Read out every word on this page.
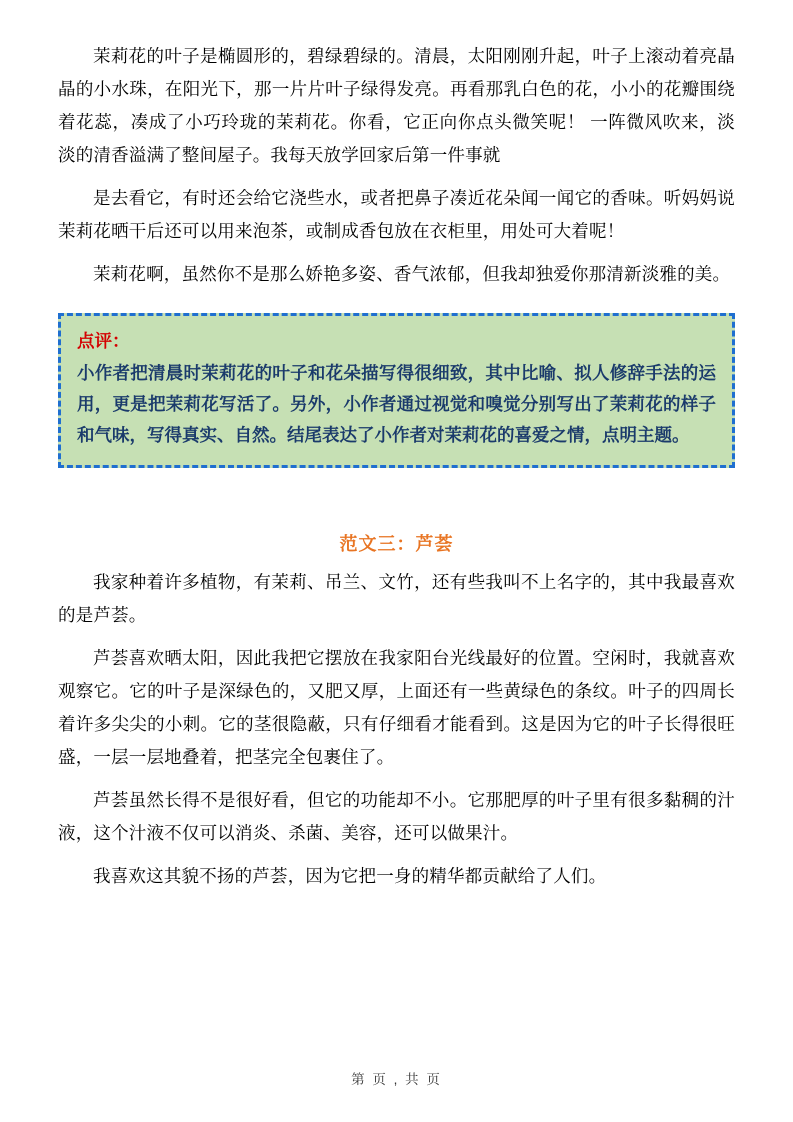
茉莉花的叶子是椭圆形的，碧绿碧绿的。清晨，太阳刚刚升起，叶子上滚动着亮晶晶的小水珠，在阳光下，那一片片叶子绿得发亮。再看那乳白色的花，小小的花瓣围绕着花蕊，凑成了小巧玲珑的茉莉花。你看，它正向你点头微笑呢！ 一阵微风吹来，淡淡的清香溢满了整间屋子。我每天放学回家后第一件事就

是去看它，有时还会给它浇些水，或者把鼻子凑近花朵闻一闻它的香味。听妈妈说茉莉花晒干后还可以用来泡茶，或制成香包放在衣柜里，用处可大着呢！

茉莉花啊，虽然你不是那么娇艳多姿、香气浓郁，但我却独爱你那清新淡雅的美。

点评：
小作者把清晨时茉莉花的叶子和花朵描写得很细致，其中比喻、拟人修辞手法的运用，更是把茉莉花写活了。另外，小作者通过视觉和嗅觉分别写出了茉莉花的样子和气味，写得真实、自然。结尾表达了小作者对茉莉花的喜爱之情，点明主题。
范文三：芦荟

我家种着许多植物，有茉莉、吊兰、文竹，还有些我叫不上名字的，其中我最喜欢的是芦荟。

芦荟喜欢晒太阳，因此我把它摆放在我家阳台光线最好的位置。空闲时，我就喜欢观察它。它的叶子是深绿色的，又肥又厚，上面还有一些黄绿色的条纹。叶子的四周长着许多尖尖的小刺。它的茎很隐蔽，只有仔细看才能看到。这是因为它的叶子长得很旺盛，一层一层地叠着，把茎完全包裹住了。

芦荟虽然长得不是很好看，但它的功能却不小。它那肥厚的叶子里有很多黏稠的汁液，这个汁液不仅可以消炎、杀菌、美容，还可以做果汁。

我喜欢这其貌不扬的芦荟，因为它把一身的精华都贡献给了人们。

第 页 , 共 页
